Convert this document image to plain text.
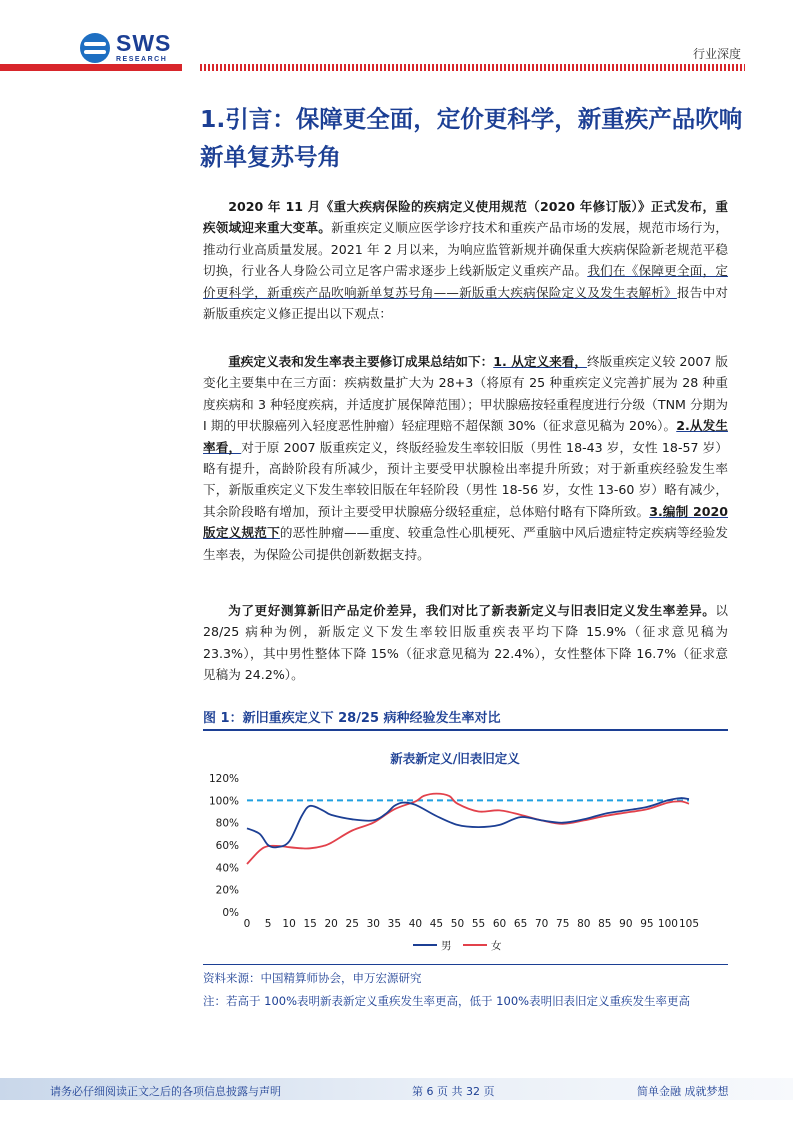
SWS
RESEARCH	行业深度
1.引言：保障更全面，定价更科学，新重疾产品吹响新单复苏号角
2020 年 11 月《重大疾病保险的疾病定义使用规范（2020 年修订版）》正式发布，重疾领域迎来重大变革。新重疾定义顺应医学诊疗技术和重疾产品市场的发展，规范市场行为，推动行业高质量发展。2021 年 2 月以来，为响应监管新规并确保重大疾病保险新老规范平稳切换，行业各人身险公司立足客户需求逐步上线新版定义重疾产品。我们在《保障更全面，定价更科学，新重疾产品吹响新单复苏号角——新版重大疾病保险定义及发生表解析》报告中对新版重疾定义修正提出以下观点：
重疾定义表和发生率表主要修订成果总结如下：1. 从定义来看，终版重疾定义较 2007 版变化主要集中在三方面：疾病数量扩大为 28+3（将原有 25 种重疾定义完善扩展为 28 种重度疾病和 3 种轻度疾病，并适度扩展保障范围）；甲状腺癌按轻重程度进行分级（TNM 分期为 I 期的甲状腺癌列入轻度恶性肿瘤）轻症理赔不超保额 30%（征求意见稿为 20%）。2.从发生率看，对于原 2007 版重疾定义，终版经验发生率较旧版（男性 18-43 岁，女性 18-57 岁）略有提升，高龄阶段有所减少，预计主要受甲状腺检出率提升所致；对于新重疾经验发生率下，新版重疾定义下发生率较旧版在年轻阶段（男性 18-56 岁，女性 13-60 岁）略有减少，其余阶段略有增加，预计主要受甲状腺癌分级轻重症，总体赔付略有下降所致。3.编制 2020 版定义规范下的恶性肿瘤——重度、较重急性心肌梗死、严重脑中风后遗症特定疾病等经验发生率表，为保险公司提供创新数据支持。
为了更好测算新旧产品定价差异，我们对比了新表新定义与旧表旧定义发生率差异。以 28/25 病种为例，新版定义下发生率较旧版重疾表平均下降 15.9%（征求意见稿为 23.3%），其中男性整体下降 15%（征求意见稿为 22.4%），女性整体下降 16.7%（征求意见稿为 24.2%）。
图 1：新旧重疾定义下 28/25 病种经验发生率对比
新表新定义/旧表旧定义
0%
20%
40%
60%
80%
100%
120%
0 5 10 15 20 25 30 35 40 45 50 55 60 65 70 75 80 85 90 95 100 105
男	女
资料来源：中国精算师协会，申万宏源研究
注：若高于 100%表明新表新定义重疾发生率更高，低于 100%表明旧表旧定义重疾发生率更高
请务必仔细阅读正文之后的各项信息披露与声明	第 6 页 共 32 页	简单金融 成就梦想
